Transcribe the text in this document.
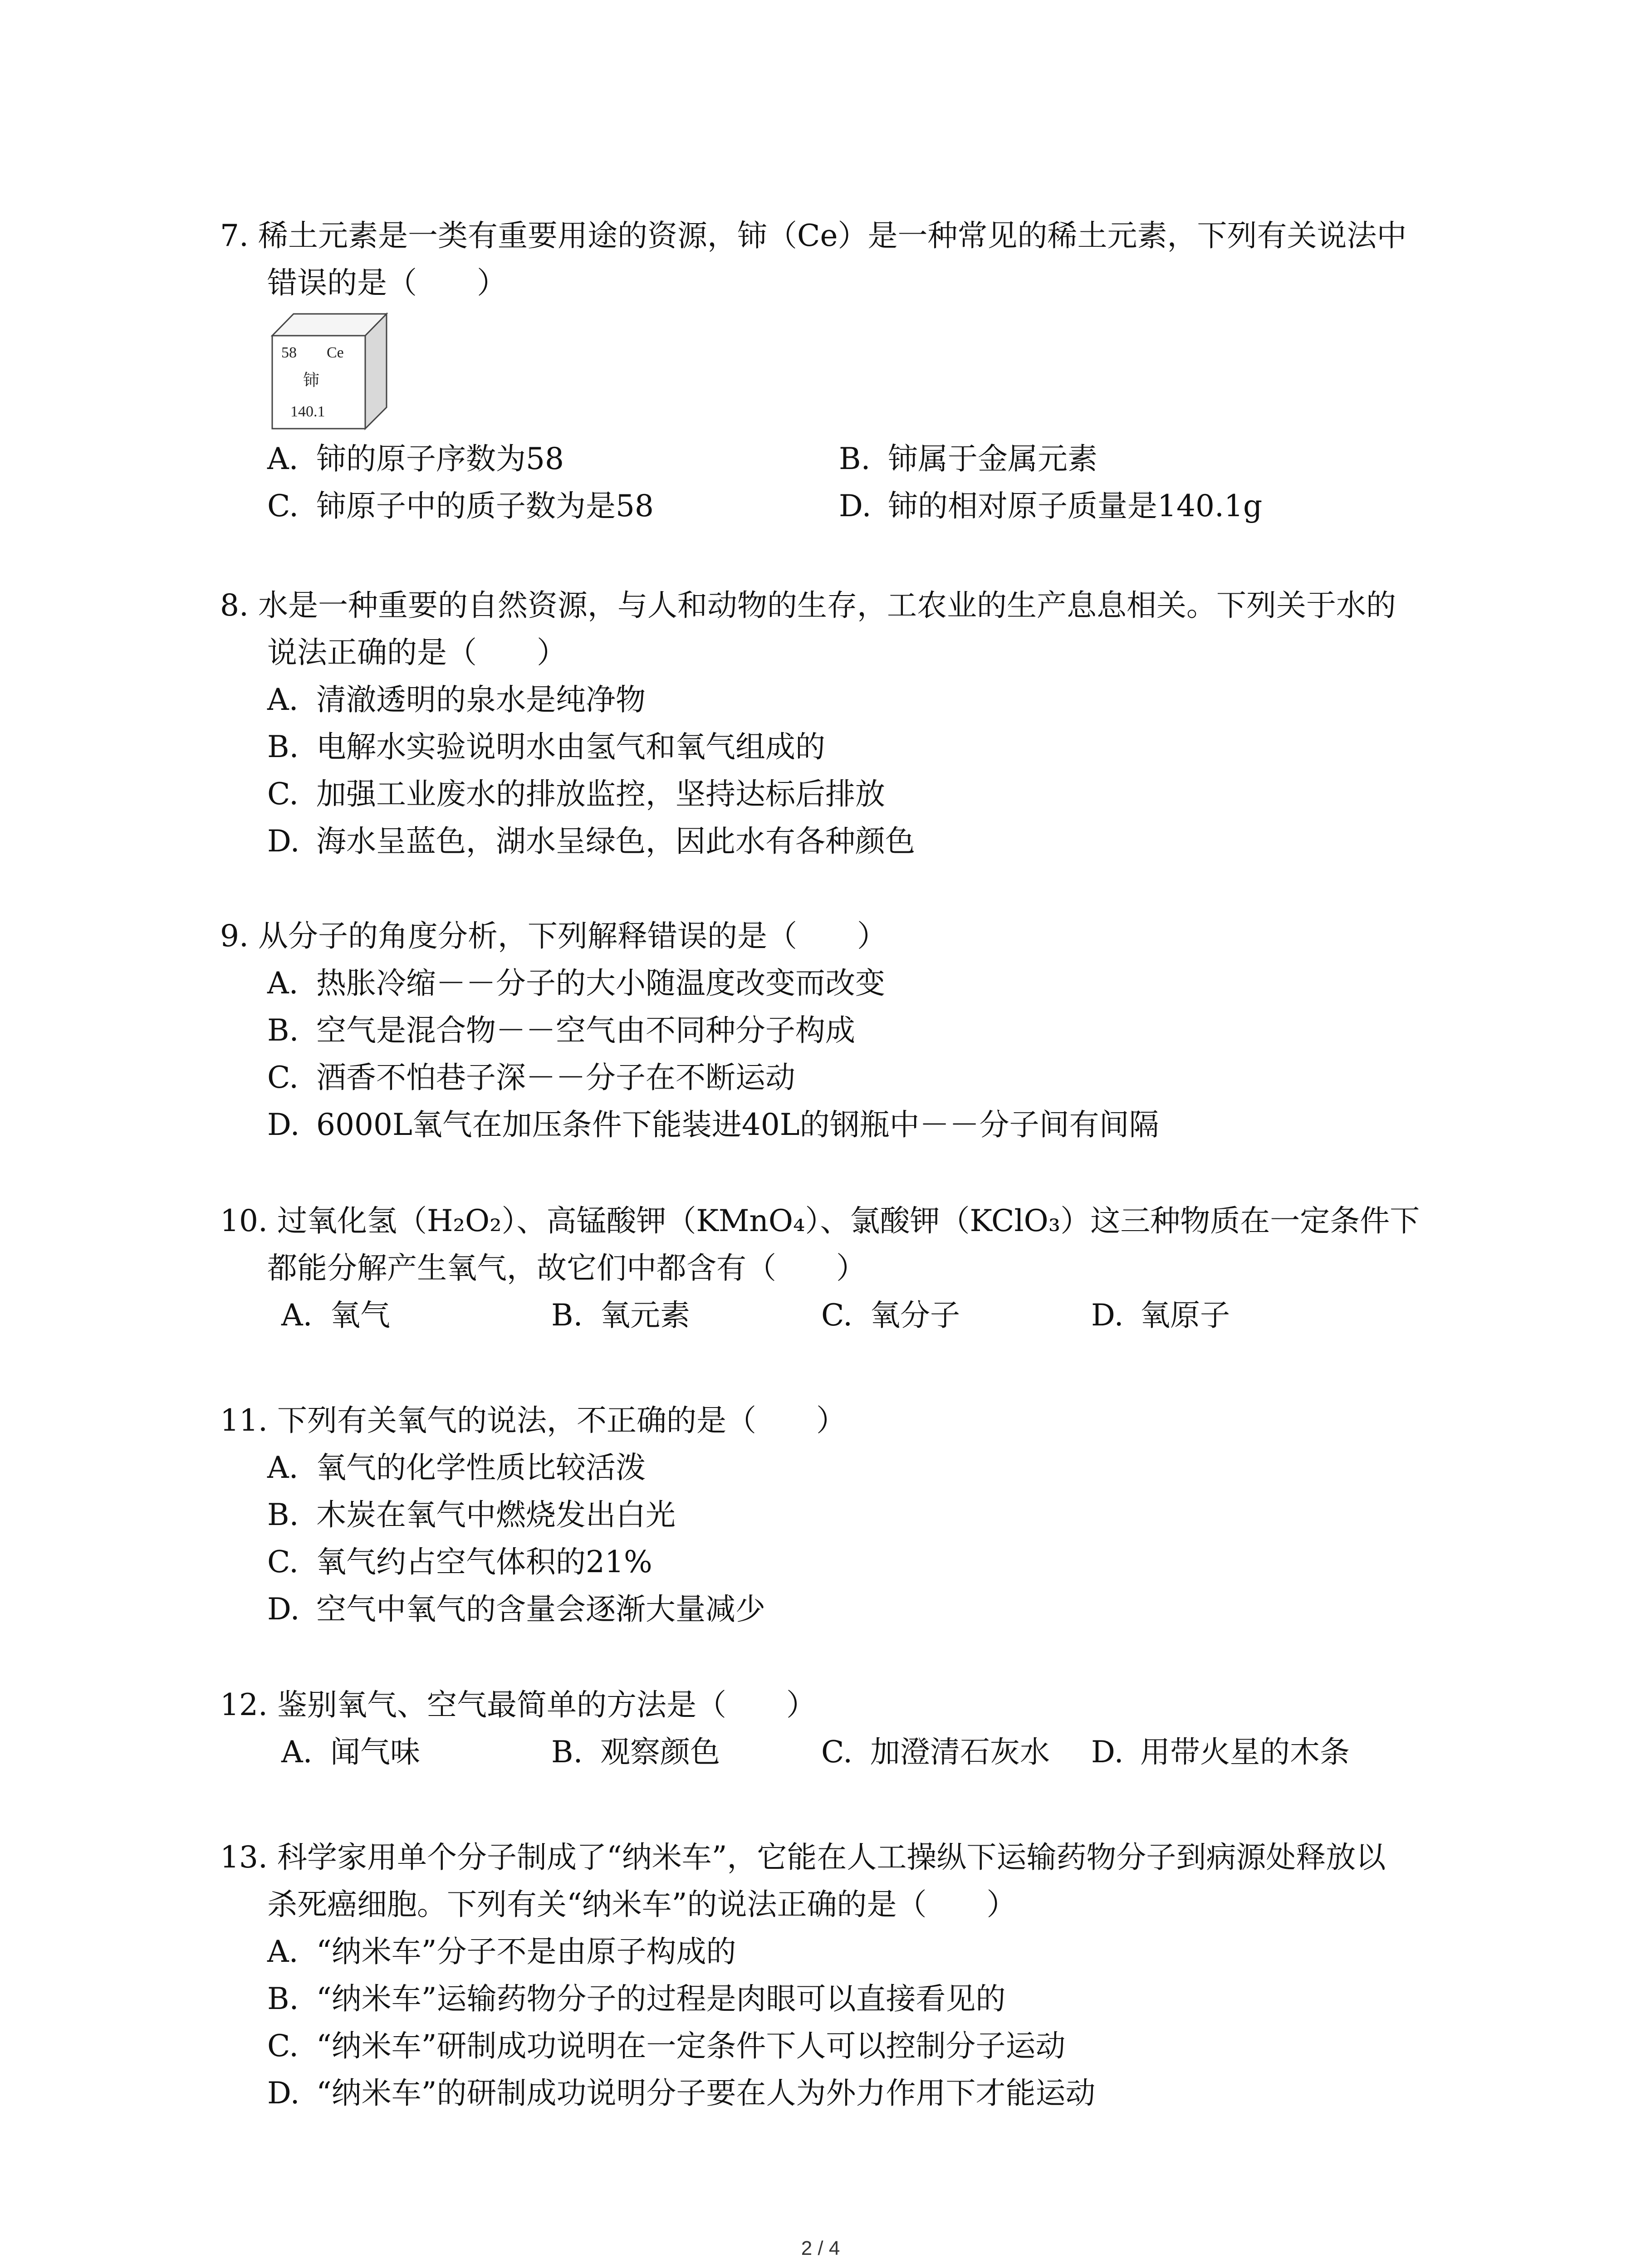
7. 稀土元素是一类有重要用途的资源，铈（Ce）是一种常见的稀土元素，下列有关说法中
错误的是（　　）
58 Ce
铈
140.1
A. 铈的原子序数为58	B. 铈属于金属元素
C. 铈原子中的质子数为是58	D. 铈的相对原子质量是140.1g
8. 水是一种重要的自然资源，与人和动物的生存，工农业的生产息息相关。下列关于水的
说法正确的是（　　）
A. 清澈透明的泉水是纯净物
B. 电解水实验说明水由氢气和氧气组成的
C. 加强工业废水的排放监控，坚持达标后排放
D. 海水呈蓝色，湖水呈绿色，因此水有各种颜色
9. 从分子的角度分析，下列解释错误的是（　　）
A. 热胀冷缩－－分子的大小随温度改变而改变
B. 空气是混合物－－空气由不同种分子构成
C. 酒香不怕巷子深－－分子在不断运动
D. 6000L氧气在加压条件下能装进40L的钢瓶中－－分子间有间隔
10. 过氧化氢（H₂O₂）、高锰酸钾（KMnO₄）、氯酸钾（KClO₃）这三种物质在一定条件下
都能分解产生氧气，故它们中都含有（　　）
A. 氧气	B. 氧元素	C. 氧分子	D. 氧原子
11. 下列有关氧气的说法，不正确的是（　　）
A. 氧气的化学性质比较活泼
B. 木炭在氧气中燃烧发出白光
C. 氧气约占空气体积的21%
D. 空气中氧气的含量会逐渐大量减少
12. 鉴别氧气、空气最简单的方法是（　　）
A. 闻气味	B. 观察颜色	C. 加澄清石灰水	D. 用带火星的木条
13. 科学家用单个分子制成了“纳米车”，它能在人工操纵下运输药物分子到病源处释放以
杀死癌细胞。下列有关“纳米车”的说法正确的是（　　）
A. “纳米车”分子不是由原子构成的
B. “纳米车”运输药物分子的过程是肉眼可以直接看见的
C. “纳米车”研制成功说明在一定条件下人可以控制分子运动
D. “纳米车”的研制成功说明分子要在人为外力作用下才能运动
2 / 4
